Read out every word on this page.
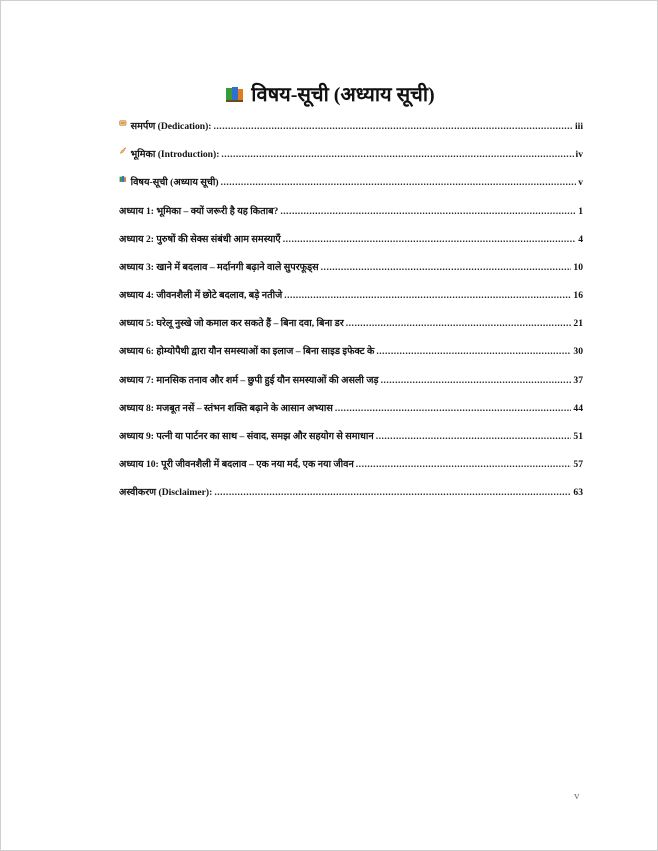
विषय-सूची (अध्याय सूची)
समर्पण (Dedication): .....	iii
भूमिका (Introduction): .....	iv
विषय-सूची (अध्याय सूची) .....	v
अध्याय 1: भूमिका – क्यों जरूरी है यह किताब? .....	1
अध्याय 2: पुरुषों की सेक्स संबंधी आम समस्याएँ .....	4
अध्याय 3: खाने में बदलाव – मर्दानगी बढ़ाने वाले सुपरफूड्स .....	10
अध्याय 4: जीवनशैली में छोटे बदलाव, बड़े नतीजे .....	16
अध्याय 5: घरेलू नुस्खे जो कमाल कर सकते हैं – बिना दवा, बिना डर .....	21
अध्याय 6: होम्योपैथी द्वारा यौन समस्याओं का इलाज – बिना साइड इफेक्ट के .....	30
अध्याय 7: मानसिक तनाव और शर्म – छुपी हुई यौन समस्याओं की असली जड़ .....	37
अध्याय 8: मजबूत नसें – स्तंभन शक्ति बढ़ाने के आसान अभ्यास .....	44
अध्याय 9: पत्नी या पार्टनर का साथ – संवाद, समझ और सहयोग से समाधान .....	51
अध्याय 10: पूरी जीवनशैली में बदलाव – एक नया मर्द, एक नया जीवन .....	57
अस्वीकरण (Disclaimer): .....	63
v
